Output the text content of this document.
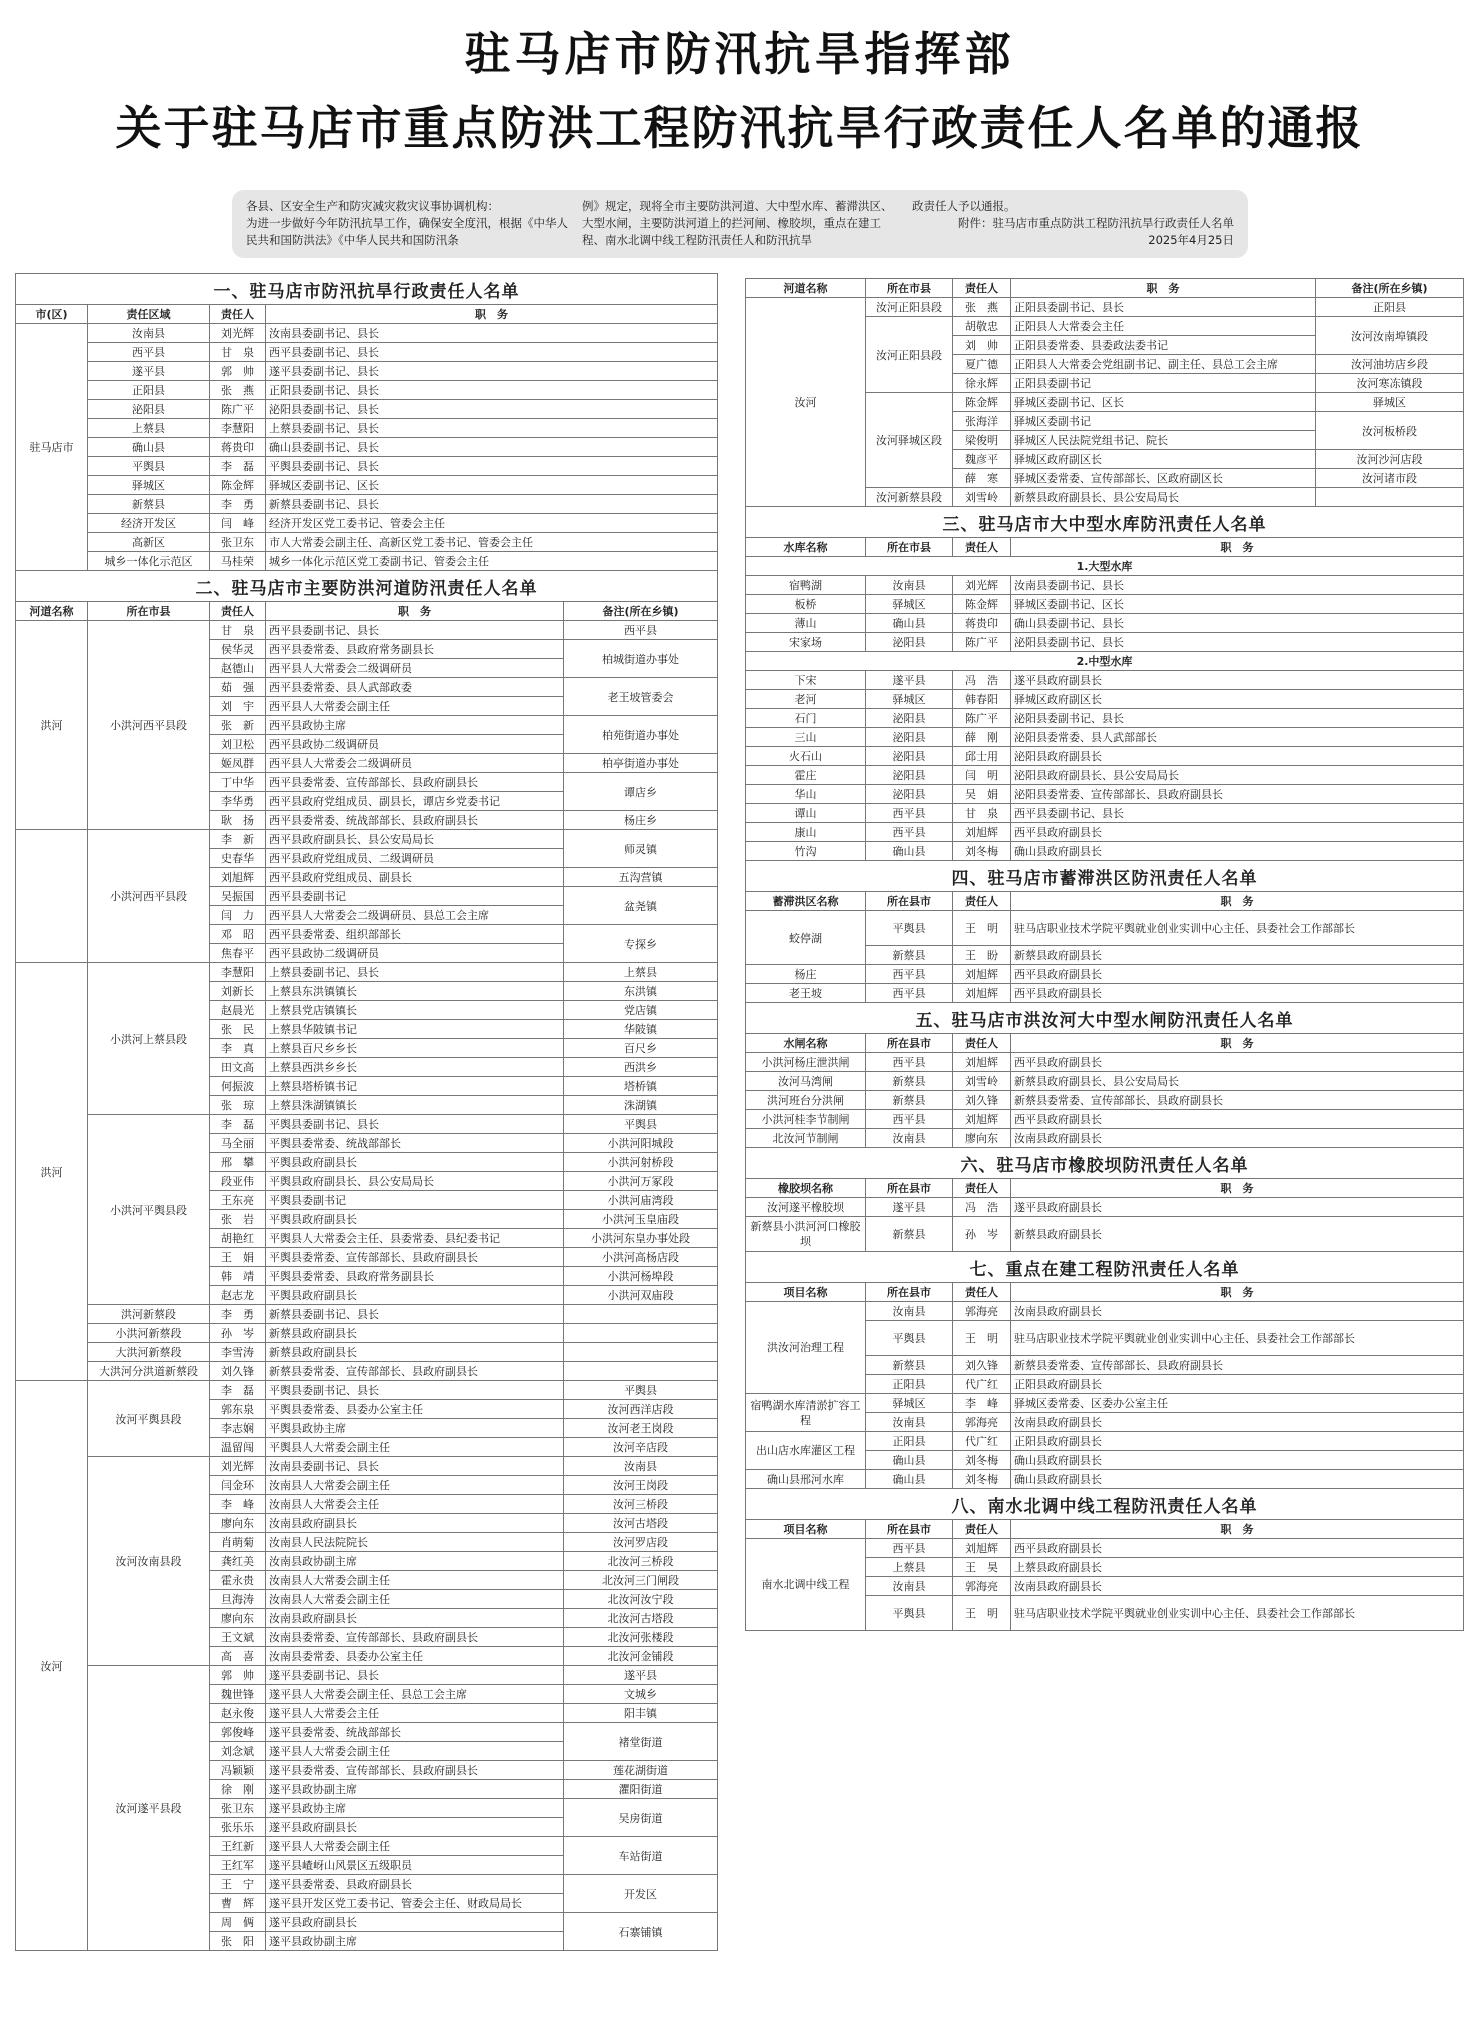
驻马店市防汛抗旱指挥部
关于驻马店市重点防洪工程防汛抗旱行政责任人名单的通报
各县、区安全生产和防灾减灾救灾议事协调机构：
为进一步做好今年防汛抗旱工作，确保安全度汛，根据《中华人民共和国防洪法》《中华人民共和国防汛条
例》规定，现将全市主要防洪河道、大中型水库、蓄滞洪区、大型水闸，主要防洪河道上的拦河闸、橡胶坝，重点在建工程、南水北调中线工程防汛责任人和防汛抗旱
政责任人予以通报。
附件：驻马店市重点防洪工程防汛抗旱行政责任人名单
2025年4月25日
一、驻马店市防汛抗旱行政责任人名单				
市(区)	责任区域	责任人	职　务	
驻马店市	汝南县	刘光辉	汝南县委副书记、县长	
	西平县	甘　泉	西平县委副书记、县长	
	遂平县	郭　帅	遂平县委副书记、县长	
	正阳县	张　燕	正阳县委副书记、县长	
	泌阳县	陈广平	泌阳县委副书记、县长	
	上蔡县	李慧阳	上蔡县委副书记、县长	
	确山县	蒋贵印	确山县委副书记、县长	
	平舆县	李　磊	平舆县委副书记、县长	
	驿城区	陈金辉	驿城区委副书记、区长	
	新蔡县	李　勇	新蔡县委副书记、县长	
	经济开发区	闫　峰	经济开发区党工委书记、管委会主任	
	高新区	张卫东	市人大常委会副主任、高新区党工委书记、管委会主任	
	城乡一体化示范区	马桂荣	城乡一体化示范区党工委副书记、管委会主任	
二、驻马店市主要防洪河道防汛责任人名单				
河道名称	所在市县	责任人	职　务	备注(所在乡镇)
洪河	小洪河西平县段	甘　泉	西平县委副书记、县长	西平县
		侯华灵	西平县委常委、县政府常务副县长	柏城街道办事处
		赵德山	西平县人大常委会二级调研员	
		茹　强	西平县委常委、县人武部政委	老王坡管委会
		刘　宇	西平县人大常委会副主任	
		张　新	西平县政协主席	柏苑街道办事处
		刘卫松	西平县政协二级调研员	
		姬凤群	西平县人大常委会二级调研员	柏亭街道办事处
		丁中华	西平县委常委、宣传部部长、县政府副县长	谭店乡
		李华勇	西平县政府党组成员、副县长，谭店乡党委书记	
		耿　扬	西平县委常委、统战部部长、县政府副县长	杨庄乡
	小洪河西平县段	李　新	西平县政府副县长、县公安局局长	师灵镇
		史春华	西平县政府党组成员、二级调研员	
		刘旭辉	西平县政府党组成员、副县长	五沟营镇
		吴振国	西平县委副书记	盆尧镇
		闫　力	西平县人大常委会二级调研员、县总工会主席	
		邓　昭	西平县委常委、组织部部长	专探乡
		焦春平	西平县政协二级调研员	
洪河	小洪河上蔡县段	李慧阳	上蔡县委副书记、县长	上蔡县
		刘新长	上蔡县东洪镇镇长	东洪镇
		赵晨光	上蔡县党店镇镇长	党店镇
		张　民	上蔡县华陂镇书记	华陂镇
		李　真	上蔡县百尺乡乡长	百尺乡
		田文高	上蔡县西洪乡乡长	西洪乡
		何振波	上蔡县塔桥镇书记	塔桥镇
		张　琼	上蔡县洙湖镇镇长	洙湖镇
	小洪河平舆县段	李　磊	平舆县委副书记、县长	平舆县
		马全丽	平舆县委常委、统战部部长	小洪河阳城段
		邢　攀	平舆县政府副县长	小洪河射桥段
		段亚伟	平舆县政府副县长、县公安局局长	小洪河万冢段
		王东亮	平舆县委副书记	小洪河庙湾段
		张　岩	平舆县政府副县长	小洪河玉皇庙段
		胡艳红	平舆县人大常委会主任、县委常委、县纪委书记	小洪河东皇办事处段
		王　娟	平舆县委常委、宣传部部长、县政府副县长	小洪河高杨店段
		韩　靖	平舆县委常委、县政府常务副县长	小洪河杨埠段
		赵志龙	平舆县政府副县长	小洪河双庙段
	洪河新蔡段	李　勇	新蔡县委副书记、县长	
	小洪河新蔡段	孙　岑	新蔡县政府副县长	
	大洪河新蔡段	李雪涛	新蔡县政府副县长	
	大洪河分洪道新蔡段	刘久锋	新蔡县委常委、宣传部部长、县政府副县长	
汝河	汝河平舆县段	李　磊	平舆县委副书记、县长	平舆县
		郭东泉	平舆县委常委、县委办公室主任	汝河西洋店段
		李志娴	平舆县政协主席	汝河老王岗段
		温留闯	平舆县人大常委会副主任	汝河辛店段
	汝河汝南县段	刘光辉	汝南县委副书记、县长	汝南县
		闫金环	汝南县人大常委会副主任	汝河王岗段
		李　峰	汝南县人大常委会主任	汝河三桥段
		廖向东	汝南县政府副县长	汝河古塔段
		肖萌菊	汝南县人民法院院长	汝河罗店段
		龚红美	汝南县政协副主席	北汝河三桥段
		霍永贵	汝南县人大常委会副主任	北汝河三门闸段
		旦海涛	汝南县人大常委会副主任	北汝河汝宁段
		廖向东	汝南县政府副县长	北汝河古塔段
		王文斌	汝南县委常委、宣传部部长、县政府副县长	北汝河张楼段
		高　喜	汝南县委常委、县委办公室主任	北汝河金铺段
	汝河遂平县段	郭　帅	遂平县委副书记、县长	遂平县
		魏世锋	遂平县人大常委会副主任、县总工会主席	文城乡
		赵永俊	遂平县人大常委会主任	阳丰镇
		郭俊峰	遂平县委常委、统战部部长	褚堂街道
		刘念斌	遂平县人大常委会副主任	
		冯颖颖	遂平县委常委、宣传部部长、县政府副县长	莲花湖街道
		徐　刚	遂平县政协副主席	灈阳街道
		张卫东	遂平县政协主席	吴房街道
		张乐乐	遂平县政府副县长	
		王红新	遂平县人大常委会副主任	车站街道
		王红军	遂平县嵖岈山风景区五级职员	
		王　宁	遂平县委常委、县政府副县长	开发区
		曹　辉	遂平县开发区党工委书记、管委会主任、财政局局长	
		周　俩	遂平县政府副县长	石寨铺镇
		张　阳	遂平县政协副主席	
河道名称	所在市县	责任人	职　务	备注(所在乡镇)
汝河	汝河正阳县段	张　燕	正阳县委副书记、县长	正阳县
	汝河正阳县段	胡敬忠	正阳县人大常委会主任	汝河汝南埠镇段
		刘　帅	正阳县委常委、县委政法委书记	
		夏广德	正阳县人大常委会党组副书记、副主任、县总工会主席	汝河油坊店乡段
		徐永辉	正阳县委副书记	汝河寒冻镇段
	汝河驿城区段	陈金辉	驿城区委副书记、区长	驿城区
		张海洋	驿城区委副书记	汝河板桥段
		梁俊明	驿城区人民法院党组书记、院长	
		魏彦平	驿城区政府副区长	汝河沙河店段
		薛　寒	驿城区委常委、宣传部部长、区政府副区长	汝河诸市段
	汝河新蔡县段	刘雪岭	新蔡县政府副县长、县公安局局长	
三、驻马店市大中型水库防汛责任人名单				
水库名称	所在市县	责任人	职　务	
1.大型水库				
宿鸭湖	汝南县	刘光辉	汝南县委副书记、县长	
板桥	驿城区	陈金辉	驿城区委副书记、区长	
薄山	确山县	蒋贵印	确山县委副书记、县长	
宋家场	泌阳县	陈广平	泌阳县委副书记、县长	
2.中型水库				
下宋	遂平县	冯　浩	遂平县政府副县长	
老河	驿城区	韩春阳	驿城区政府副区长	
石门	泌阳县	陈广平	泌阳县委副书记、县长	
三山	泌阳县	薛　刚	泌阳县委常委、县人武部部长	
火石山	泌阳县	邱士用	泌阳县政府副县长	
霍庄	泌阳县	闫　明	泌阳县政府副县长、县公安局局长	
华山	泌阳县	吴　娟	泌阳县委常委、宣传部部长、县政府副县长	
谭山	西平县	甘　泉	西平县委副书记、县长	
康山	西平县	刘旭辉	西平县政府副县长	
竹沟	确山县	刘冬梅	确山县政府副县长	
四、驻马店市蓄滞洪区防汛责任人名单				
蓄滞洪区名称	所在县市	责任人	职　务	
蛟停湖	平舆县	王　明	驻马店职业技术学院平舆就业创业实训中心主任、县委社会工作部部长	
	新蔡县	王　盼	新蔡县政府副县长	
杨庄	西平县	刘旭辉	西平县政府副县长	
老王坡	西平县	刘旭辉	西平县政府副县长	
五、驻马店市洪汝河大中型水闸防汛责任人名单				
水闸名称	所在县市	责任人	职　务	
小洪河杨庄泄洪闸	西平县	刘旭辉	西平县政府副县长	
汝河马湾闸	新蔡县	刘雪岭	新蔡县政府副县长、县公安局局长	
洪河班台分洪闸	新蔡县	刘久锋	新蔡县委常委、宣传部部长、县政府副县长	
小洪河桂李节制闸	西平县	刘旭辉	西平县政府副县长	
北汝河节制闸	汝南县	廖向东	汝南县政府副县长	
六、驻马店市橡胶坝防汛责任人名单				
橡胶坝名称	所在县市	责任人	职　务	
汝河遂平橡胶坝	遂平县	冯　浩	遂平县政府副县长	
新蔡县小洪河河口橡胶坝	新蔡县	孙　岑	新蔡县政府副县长	
七、重点在建工程防汛责任人名单				
项目名称	所在县市	责任人	职　务	
洪汝河治理工程	汝南县	郭海亮	汝南县政府副县长	
	平舆县	王　明	驻马店职业技术学院平舆就业创业实训中心主任、县委社会工作部部长	
	新蔡县	刘久锋	新蔡县委常委、宣传部部长、县政府副县长	
	正阳县	代广红	正阳县政府副县长	
宿鸭湖水库清淤扩容工程	驿城区	李　峰	驿城区委常委、区委办公室主任	
	汝南县	郭海亮	汝南县政府副县长	
出山店水库灌区工程	正阳县	代广红	正阳县政府副县长	
	确山县	刘冬梅	确山县政府副县长	
确山县邢河水库	确山县	刘冬梅	确山县政府副县长	
八、南水北调中线工程防汛责任人名单				
项目名称	所在县市	责任人	职　务	
南水北调中线工程	西平县	刘旭辉	西平县政府副县长	
	上蔡县	王　昊	上蔡县政府副县长	
	汝南县	郭海亮	汝南县政府副县长	
	平舆县	王　明	驻马店职业技术学院平舆就业创业实训中心主任、县委社会工作部部长	
